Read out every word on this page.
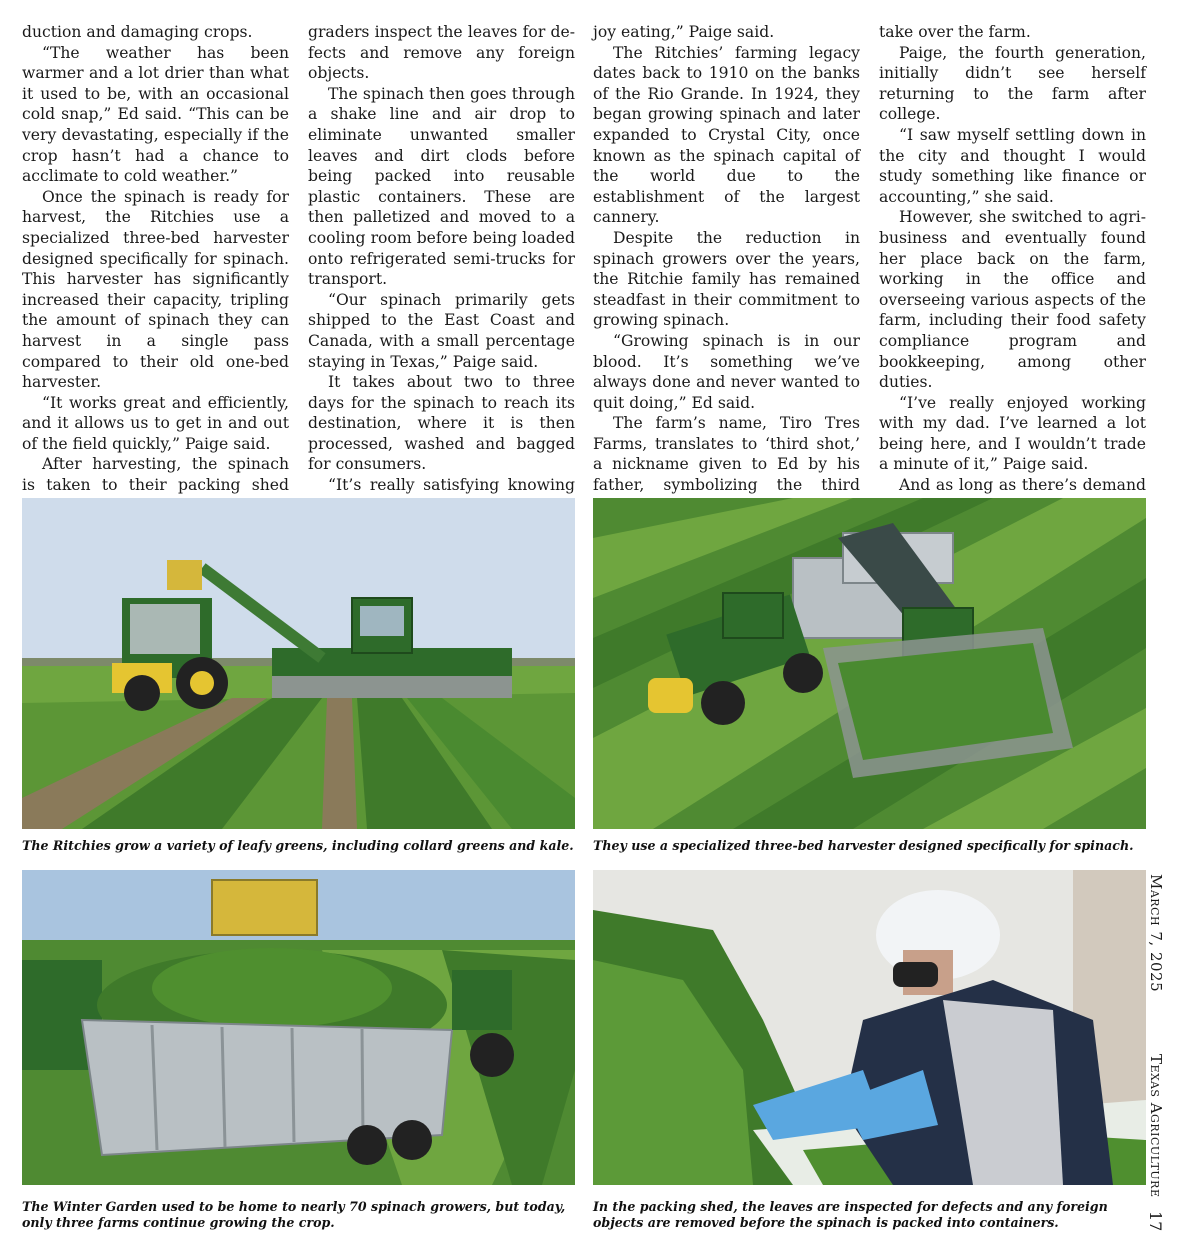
duction and damaging crops.

“The weather has been warmer and a lot drier than what it used to be, with an occasional cold snap,” Ed said. “This can be very devastating, especially if the crop hasn’t had a chance to acclimate to cold weather.”

Once the spinach is ready for harvest, the Ritchies use a specialized three-bed harvester designed specifically for spinach. This harvester has significantly increased their capacity, tripling the amount of spinach they can harvest in a single pass compared to their old one-bed harvester.

“It works great and efficiently, and it allows us to get in and out of the field quickly,” Paige said.

After harvesting, the spinach is taken to their packing shed

graders inspect the leaves for defects and remove any foreign objects.

The spinach then goes through a shake line and air drop to eliminate unwanted smaller leaves and dirt clods before being packed into reusable plastic containers. These are then palletized and moved to a cooling room before being loaded onto refrigerated semi-trucks for transport.

“Our spinach primarily gets shipped to the East Coast and Canada, with a small percentage staying in Texas,” Paige said.

It takes about two to three days for the spinach to reach its destination, where it is then processed, washed and bagged for consumers.

“It’s really satisfying knowing

joy eating,” Paige said.

The Ritchies’ farming legacy dates back to 1910 on the banks of the Rio Grande. In 1924, they began growing spinach and later expanded to Crystal City, once known as the spinach capital of the world due to the establishment of the largest cannery.

Despite the reduction in spinach growers over the years, the Ritchie family has remained steadfast in their commitment to growing spinach.

“Growing spinach is in our blood. It’s something we’ve always done and never wanted to quit doing,” Ed said.

The farm’s name, Tiro Tres Farms, translates to ‘third shot,’ a nickname given to Ed by his father, symbolizing the third

take over the farm.

Paige, the fourth generation, initially didn’t see herself returning to the farm after college.

“I saw myself settling down in the city and thought I would study something like finance or accounting,” she said.

However, she switched to agribusiness and eventually found her place back on the farm, working in the office and overseeing various aspects of the farm, including their food safety compliance program and bookkeeping, among other duties.

“I’ve really enjoyed working with my dad. I’ve learned a lot being here, and I wouldn’t trade a minute of it,” Paige said.

And as long as there’s demand

The Ritchies grow a variety of leafy greens, including collard greens and kale.	They use a specialized three-bed harvester designed specifically for spinach.
The Winter Garden used to be home to nearly 70 spinach growers, but today, only three farms continue growing the crop.
In the packing shed, the leaves are inspected for defects and any foreign objects are removed before the spinach is packed into containers.
March 7, 2025
Texas Agriculture
17
